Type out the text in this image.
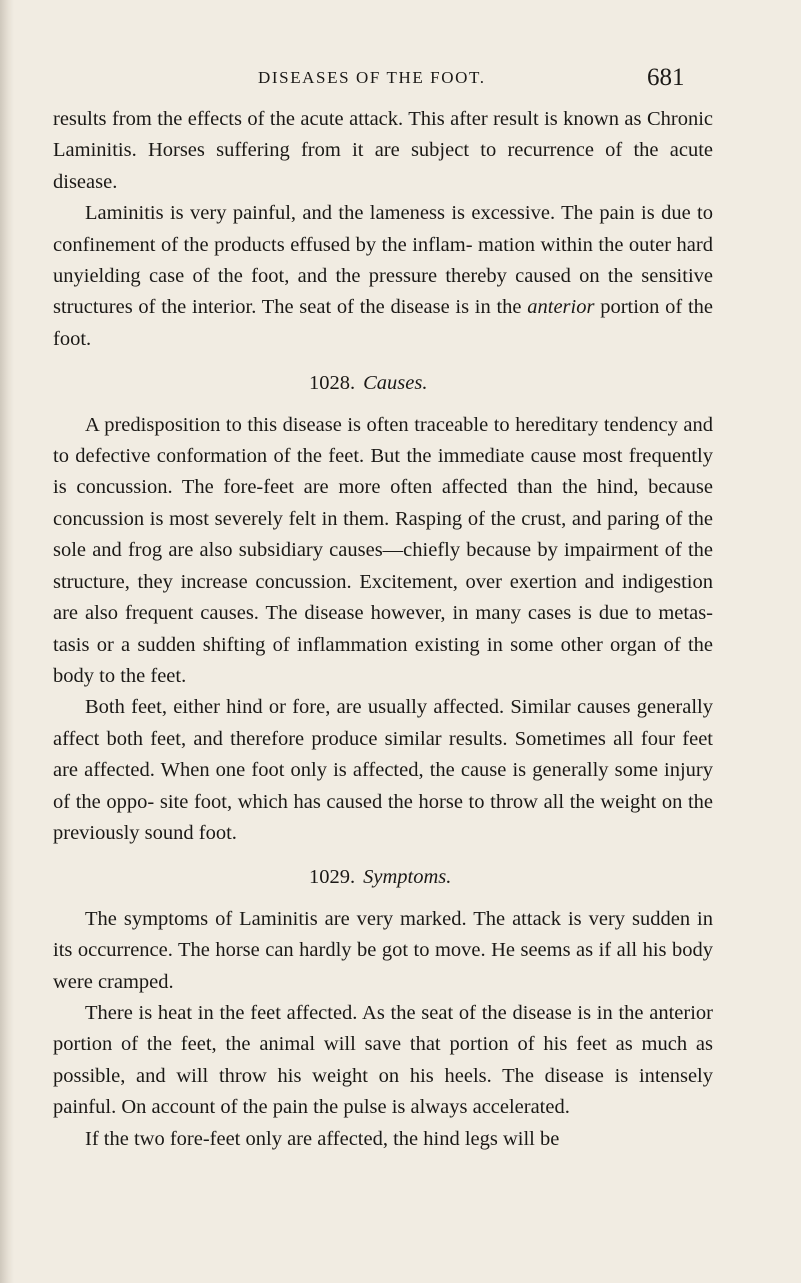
DISEASES OF THE FOOT.	681

results from the effects of the acute attack. This after result is known as Chronic Laminitis. Horses suffering from it are subject to recurrence of the acute disease.

Laminitis is very painful, and the lameness is excessive. The pain is due to confinement of the products effused by the inflam- mation within the outer hard unyielding case of the foot, and the pressure thereby caused on the sensitive structures of the interior. The seat of the disease is in the anterior portion of the foot.

1028. Causes.

A predisposition to this disease is often traceable to hereditary tendency and to defective conformation of the feet. But the immediate cause most frequently is concussion. The fore-feet are more often affected than the hind, because concussion is most severely felt in them. Rasping of the crust, and paring of the sole and frog are also subsidiary causes—chiefly because by impairment of the structure, they increase concussion. Excitement, over exertion and indigestion are also frequent causes. The disease however, in many cases is due to metas- tasis or a sudden shifting of inflammation existing in some other organ of the body to the feet.

Both feet, either hind or fore, are usually affected. Similar causes generally affect both feet, and therefore produce similar results. Sometimes all four feet are affected. When one foot only is affected, the cause is generally some injury of the oppo- site foot, which has caused the horse to throw all the weight on the previously sound foot.

1029. Symptoms.

The symptoms of Laminitis are very marked. The attack is very sudden in its occurrence. The horse can hardly be got to move. He seems as if all his body were cramped.

There is heat in the feet affected. As the seat of the disease is in the anterior portion of the feet, the animal will save that portion of his feet as much as possible, and will throw his weight on his heels. The disease is intensely painful. On account of the pain the pulse is always accelerated.

If the two fore-feet only are affected, the hind legs will be
